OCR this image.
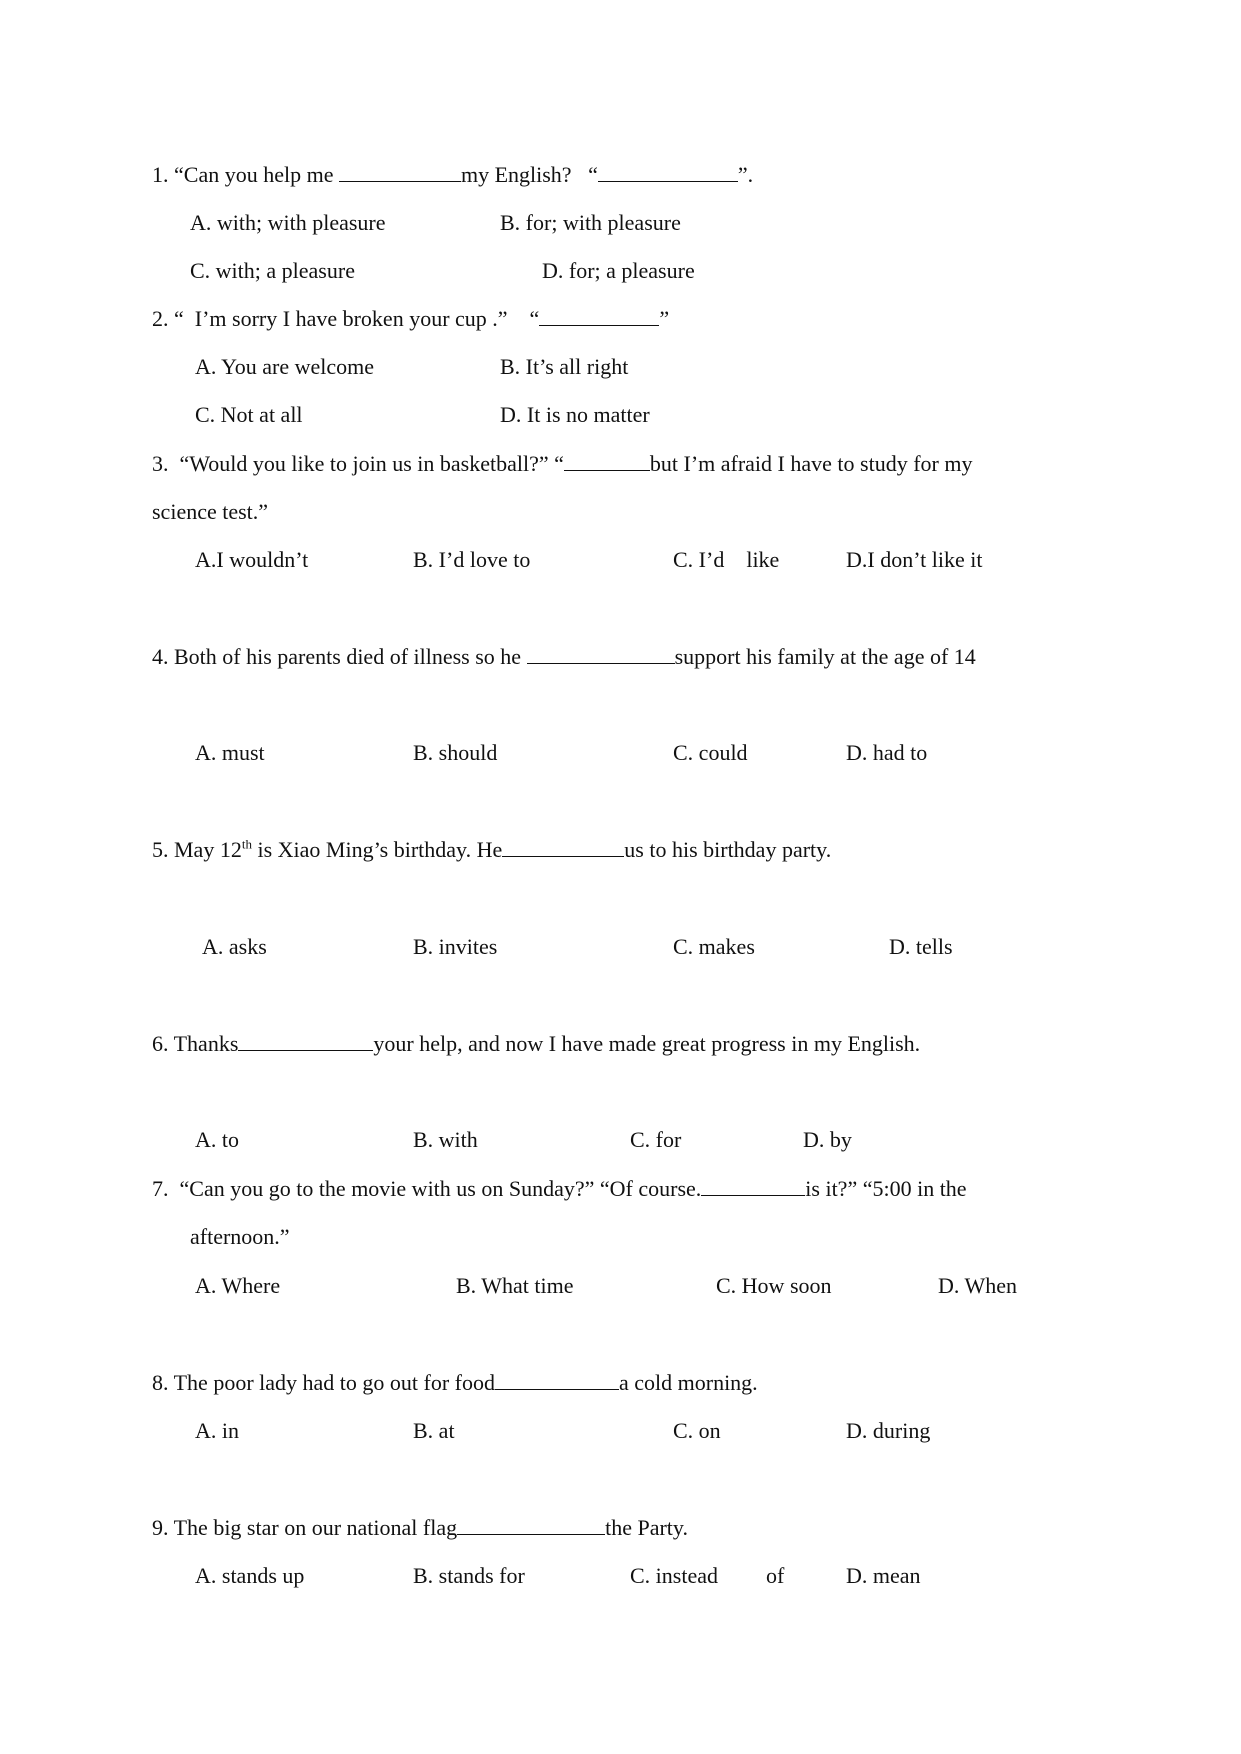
1. “Can you help me	my English?   “	”.
A. with; with pleasure	B. for; with pleasure
C. with; a pleasure	D. for; a pleasure
2. “  I’m sorry I have broken your cup .”    “	”
A. You are welcome	B. It’s all right
C. Not at all	D. It is no matter
3. “Would you like to join us in basketball?” “	but I’m afraid I have to study for my
science test.”
A.I wouldn’t	B. I’d love to	C. I’d    like	D.I don’t like it
4. Both of his parents died of illness so he	support his family at the age of 14
A. must	B. should	C. could	D. had to
5. May 12th is Xiao Ming’s birthday. He	us to his birthday party.
A. asks	B. invites	C. makes	D. tells
6. Thanks	your help, and now I have made great progress in my English.
A. to	B. with	C. for	D. by
7. “Can you go to the movie with us on Sunday?” “Of course.	is it?” “5:00 in the
afternoon.”
A. Where	B. What time	C. How soon	D. When
8. The poor lady had to go out for food	a cold morning.
A. in	B. at	C. on	D. during
9. The big star on our national flag	the Party.
A. stands up	B. stands for	C. instead of	D. mean
